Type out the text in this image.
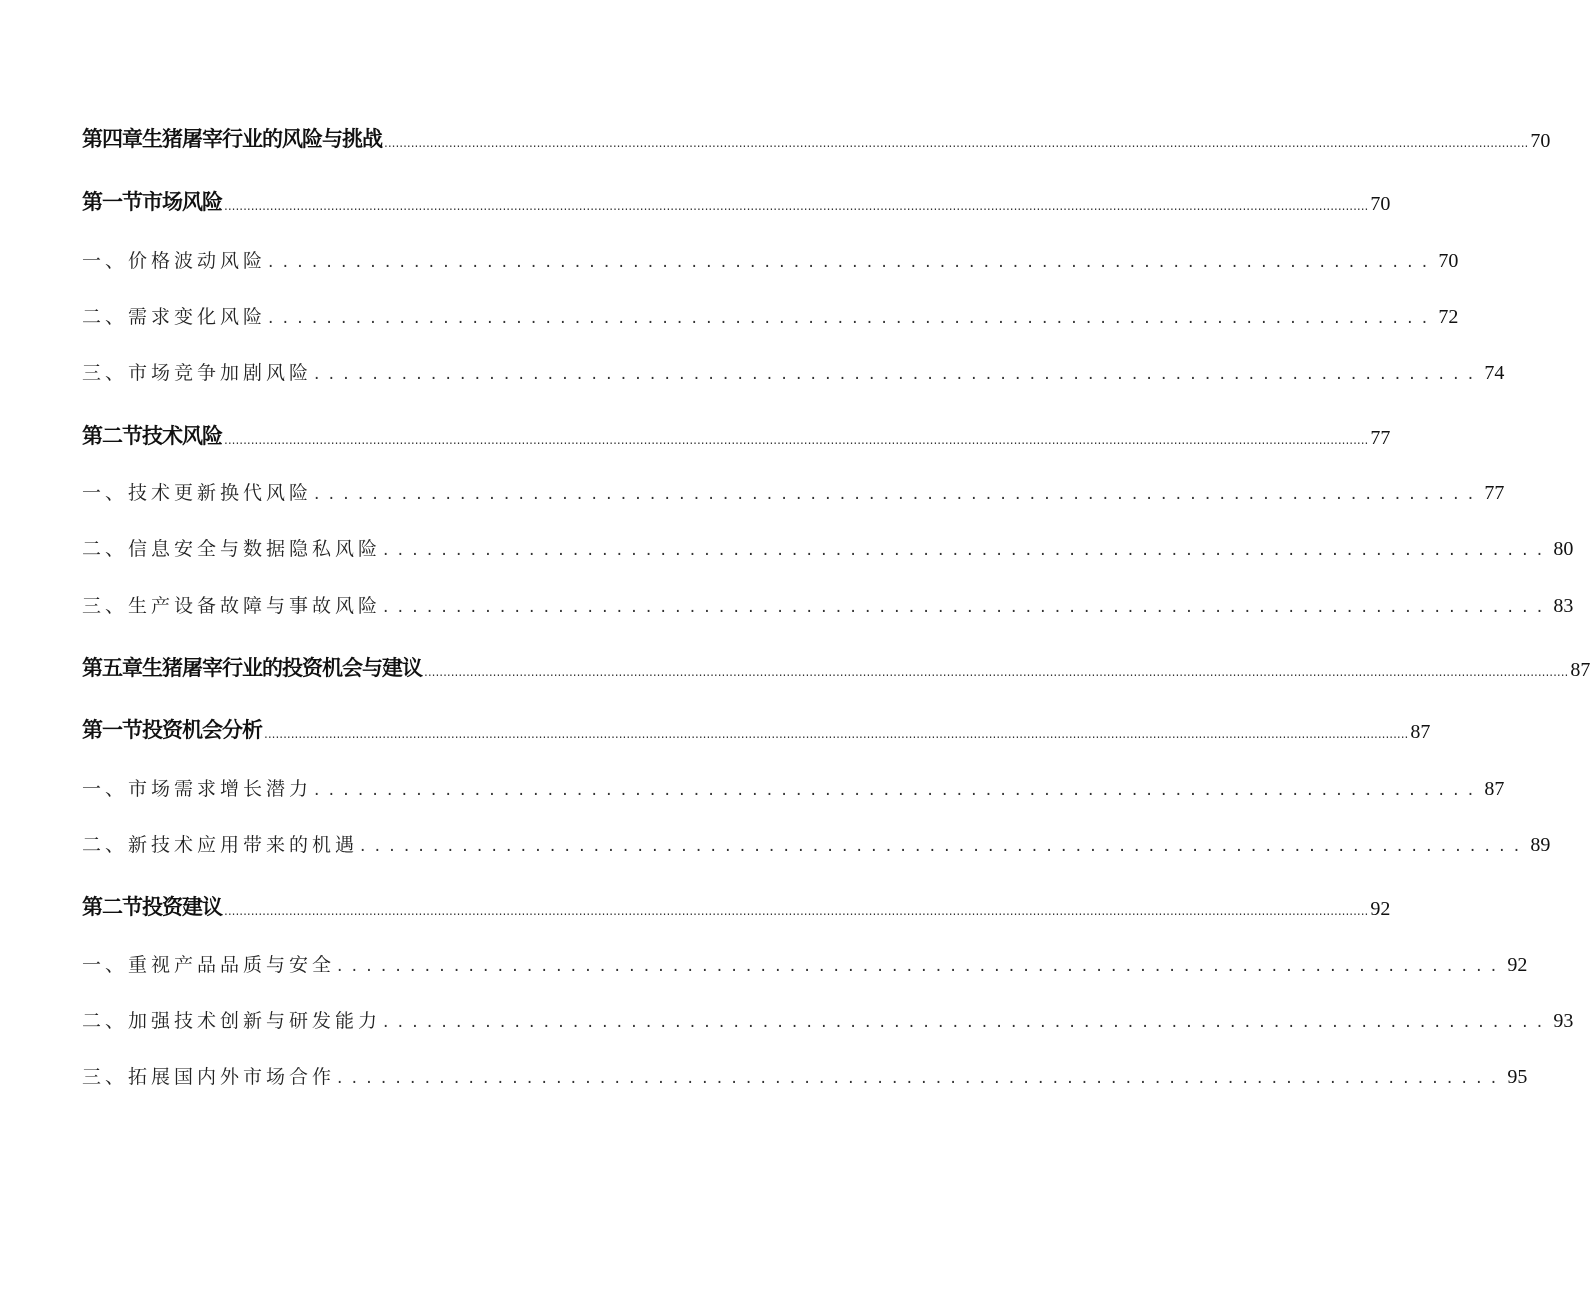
第四章生猪屠宰行业的风险与挑战 ............................................................................................................................................................................................................................................................................................................ 70
第一节市场风险 ............................................................................................................................................................................................................................................................................................................ 70
一、价格波动风险 ................................................................................ 70
二、需求变化风险 ................................................................................ 72
三、市场竞争加剧风险 ................................................................................ 74
第二节技术风险 ............................................................................................................................................................................................................................................................................................................ 77
一、技术更新换代风险 ................................................................................ 77
二、信息安全与数据隐私风险 ................................................................................ 80
三、生产设备故障与事故风险 ................................................................................ 83
第五章生猪屠宰行业的投资机会与建议 ............................................................................................................................................................................................................................................................................................................ 87
第一节投资机会分析 ............................................................................................................................................................................................................................................................................................................ 87
一、市场需求增长潜力 ................................................................................ 87
二、新技术应用带来的机遇 ................................................................................ 89
第二节投资建议 ............................................................................................................................................................................................................................................................................................................ 92
一、重视产品品质与安全 ................................................................................ 92
二、加强技术创新与研发能力 ................................................................................ 93
三、拓展国内外市场合作 ................................................................................ 95
